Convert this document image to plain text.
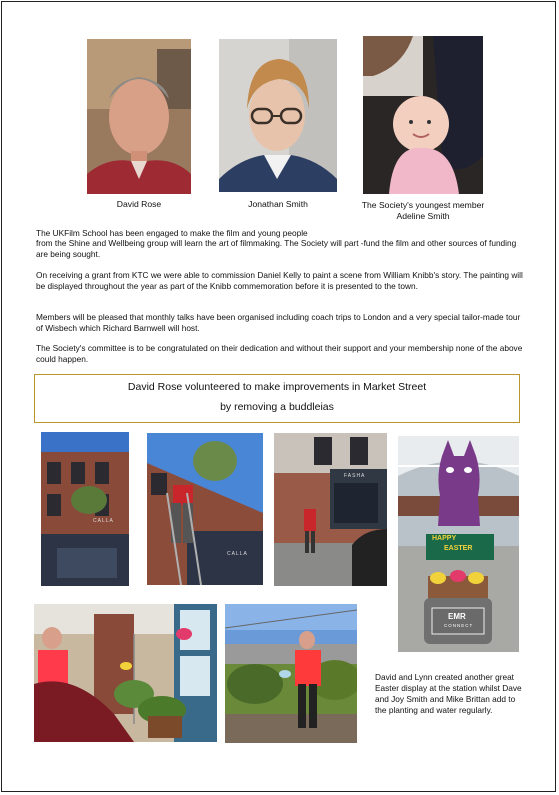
David Rose	Jonathan Smith	The Society's youngest member
Adeline Smith

The UKFilm School has been engaged to make the film and young people

from the Shine and Wellbeing group will learn the art of filmmaking. The Society will part -fund the film and other sources of funding are being sought.

On receiving a grant from KTC we were able to commission Daniel Kelly to paint a scene from William Knibb's story. The painting will be displayed throughout the year as part of the Knibb commemoration before it is presented to the town.

Members will be pleased that monthly talks have been organised including coach trips to London and a very special tailor-made tour of Wisbech which Richard Barnwell will host.

The Society's committee is to be congratulated on their dedication and without their support and your membership none of the above could happen.

David Rose volunteered to make improvements in Market Street

by removing a buddleias

CALLA
CALLA
FASHA
HAPPY
EASTER
EMR
CONNECT
David and Lynn created another great Easter display at the station whilst Dave and Joy Smith and Mike Brittan add to the planting and water regularly.
